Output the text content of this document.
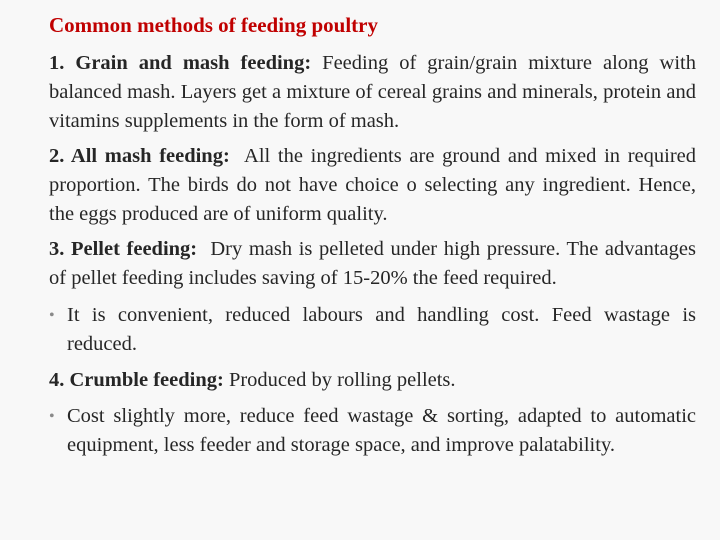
Common methods of feeding poultry
1. Grain and mash feeding: Feeding of grain/grain mixture along with balanced mash. Layers get a mixture of cereal grains and minerals, protein and vitamins supplements in the form of mash.
2. All mash feeding:  All the ingredients are ground and mixed in required proportion. The birds do not have choice o selecting any ingredient. Hence, the eggs produced are of uniform quality.
3. Pellet feeding:  Dry mash is pelleted under high pressure. The advantages of pellet feeding includes saving of 15-20% the feed required.
• It is convenient, reduced labours and handling cost. Feed wastage is reduced.
4. Crumble feeding: Produced by rolling pellets.
• Cost slightly more, reduce feed wastage & sorting, adapted to automatic equipment, less feeder and storage space, and improve palatability.
